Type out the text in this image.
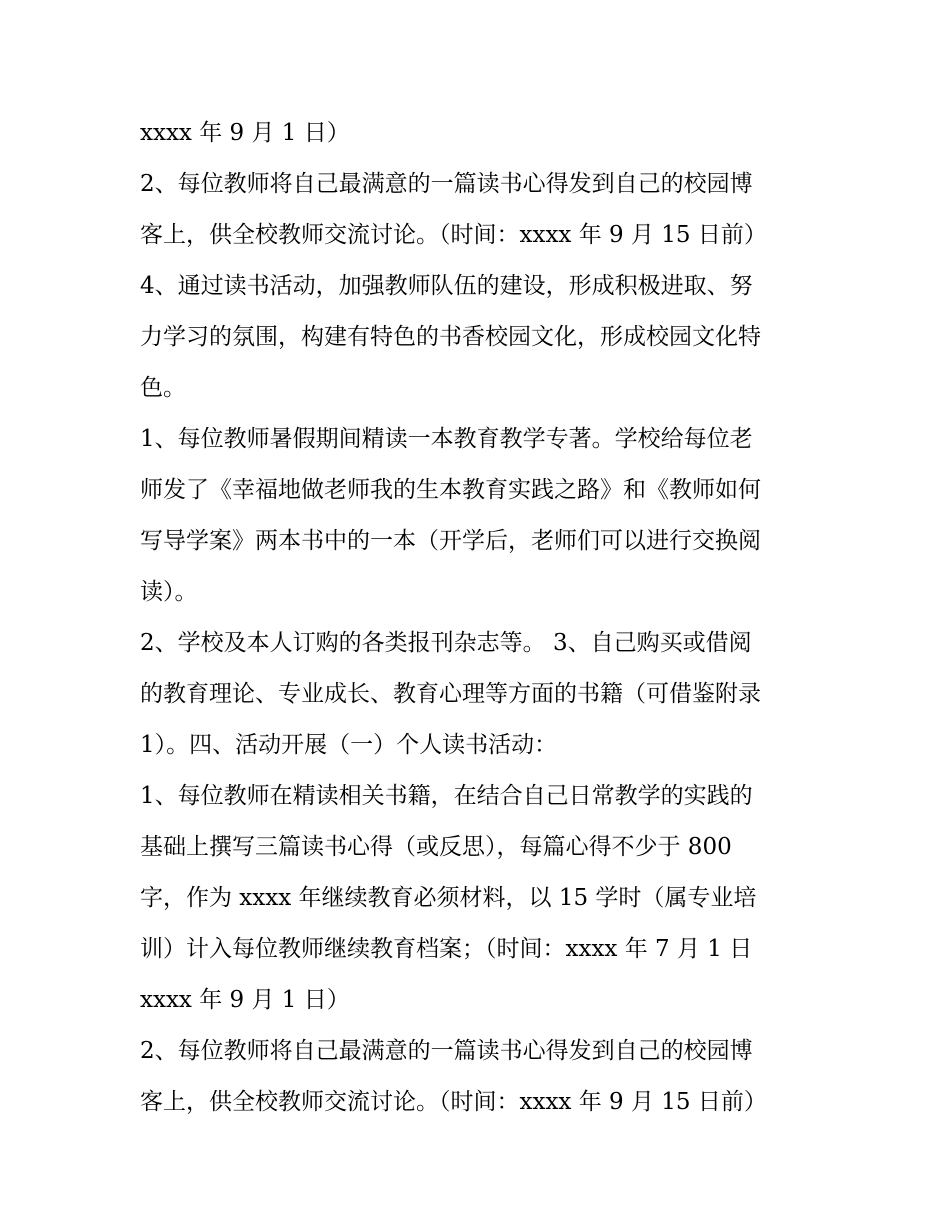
xxxx 年 9 月 1 日）
2、每位教师将自己最满意的一篇读书心得发到自己的校园博
客上，供全校教师交流讨论。（时间：xxxx 年 9 月 15 日前）
4、通过读书活动，加强教师队伍的建设，形成积极进取、努
力学习的氛围，构建有特色的书香校园文化，形成校园文化特
色。
1、每位教师暑假期间精读一本教育教学专著。学校给每位老
师发了《幸福地做老师我的生本教育实践之路》和《教师如何
写导学案》两本书中的一本（开学后，老师们可以进行交换阅
读）。
2、学校及本人订购的各类报刊杂志等。 3、自己购买或借阅
的教育理论、专业成长、教育心理等方面的书籍（可借鉴附录
1）。四、活动开展（一）个人读书活动：
1、每位教师在精读相关书籍，在结合自己日常教学的实践的
基础上撰写三篇读书心得（或反思），每篇心得不少于 800
字，作为 xxxx 年继续教育必须材料，以 15 学时（属专业培
训）计入每位教师继续教育档案；（时间：xxxx 年 7 月 1 日
xxxx 年 9 月 1 日）
2、每位教师将自己最满意的一篇读书心得发到自己的校园博
客上，供全校教师交流讨论。（时间：xxxx 年 9 月 15 日前）
